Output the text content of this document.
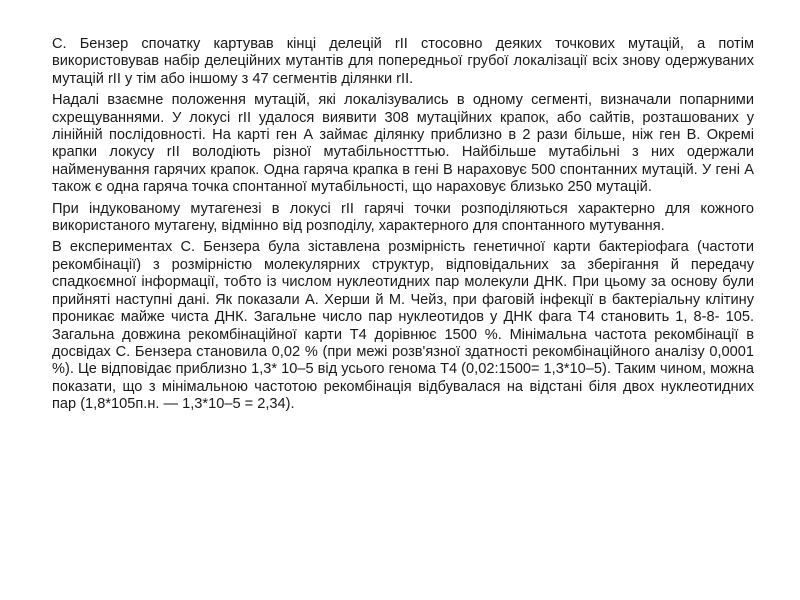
С. Бензер спочатку картував кінці делецій rII стосовно деяких точкових мутацій, а потім використовував набір делеційних мутантів для попередньої грубої локалізації всіх знову одержуваних мутацій rII у тім або іншому з 47 сегментів ділянки rII.

Надалі взаємне положення мутацій, які локалізувались в одному сегменті, визначали попарними схрещуваннями. У локусі rII удалося виявити 308 мутаційних крапок, або сайтів, розташованих у лінійній послідовності. На карті ген А займає ділянку приблизно в 2 рази більше, ніж ген В. Окремі крапки локусу rII володіють різної мутабільностттью. Найбільше мутабільні з них одержали найменування гарячих крапок. Одна гаряча крапка в гені В нараховує 500 спонтанних мутацій. У гені А також є одна гаряча точка спонтанної мутабільності, що нараховує близько 250 мутацій.

При індукованому мутагенезі в локусі rII гарячі точки розподіляються характерно для кожного використаного мутагену, відмінно від розподілу, характерного для спонтанного мутування.

В експериментах С. Бензера була зіставлена розмірність генетичної карти бактеріофага (частоти рекомбінації) з розмірністю молекулярних структур, відповідальних за зберігання й передачу спадкоємної інформації, тобто із числом нуклеотидних пар молекули ДНК. При цьому за основу були прийняті наступні дані. Як показали А. Херши й М. Чейз, при фаговій інфекції в бактеріальну клітину проникає майже чиста ДНК. Загальне число пар нуклеотидов у ДНК фага Т4 становить 1, 8-8- 105. Загальна довжина рекомбінаційної карти Т4 дорівнює 1500 %. Мінімальна частота рекомбінації в досвідах С. Бензера становила 0,02 % (при межі розв'язної здатності рекомбінаційного аналізу 0,0001 %). Це відповідає приблизно 1,3* 10–5 від усього генома Т4 (0,02:1500= 1,3*10–5). Таким чином, можна показати, що з мінімальною частотою рекомбінація відбувалася на відстані біля двох нуклеотидних пар (1,8*105п.н. — 1,3*10–5 = 2,34).
